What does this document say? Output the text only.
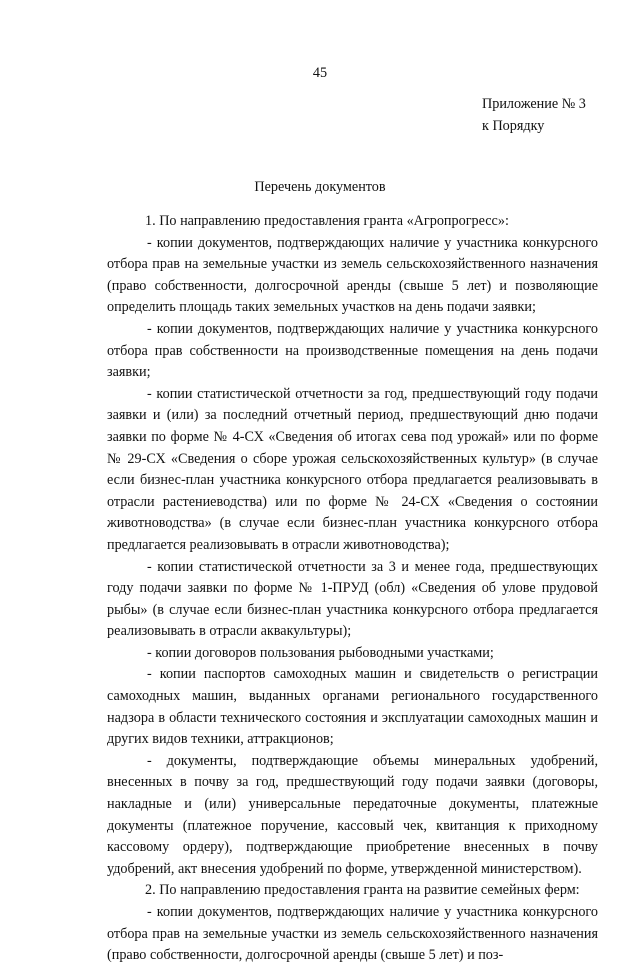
45
Приложение № 3
к Порядку
Перечень документов

1. По направлению предоставления гранта «Агропрогресс»:

- копии документов, подтверждающих наличие у участника конкурсного отбора прав на земельные участки из земель сельскохозяйственного назначения (право собственности, долгосрочной аренды (свыше 5 лет) и позволяющие определить площадь таких земельных участков на день подачи заявки;

- копии документов, подтверждающих наличие у участника конкурсного отбора прав собственности на производственные помещения на день подачи заявки;

- копии статистической отчетности за год, предшествующий году подачи заявки и (или) за последний отчетный период, предшествующий дню подачи заявки по форме № 4-СХ «Сведения об итогах сева под урожай» или по форме № 29-СХ «Сведения о сборе урожая сельскохозяйственных культур» (в случае если бизнес-план участника конкурсного отбора предлагается реализовывать в отрасли растениеводства) или по форме № 24-СХ «Сведения о состоянии животноводства» (в случае если бизнес-план участника конкурсного отбора предлагается реализовывать в отрасли животноводства);

- копии статистической отчетности за 3 и менее года, предшествующих году подачи заявки по форме № 1-ПРУД (обл) «Сведения об улове прудовой рыбы» (в случае если бизнес-план участника конкурсного отбора предлагается реализовывать в отрасли аквакультуры);

- копии договоров пользования рыбоводными участками;

- копии паспортов самоходных машин и свидетельств о регистрации самоходных машин, выданных органами регионального государственного надзора в области технического состояния и эксплуатации самоходных машин и других видов техники, аттракционов;

- документы, подтверждающие объемы минеральных удобрений, внесенных в почву за год, предшествующий году подачи заявки (договоры, накладные и (или) универсальные передаточные документы, платежные документы (платежное поручение, кассовый чек, квитанция к приходному кассовому ордеру), подтверждающие приобретение внесенных в почву удобрений, акт внесения удобрений по форме, утвержденной министерством).

2. По направлению предоставления гранта на развитие семейных ферм:

- копии документов, подтверждающих наличие у участника конкурсного отбора прав на земельные участки из земель сельскохозяйственного назначения (право собственности, долгосрочной аренды (свыше 5 лет) и поз-
